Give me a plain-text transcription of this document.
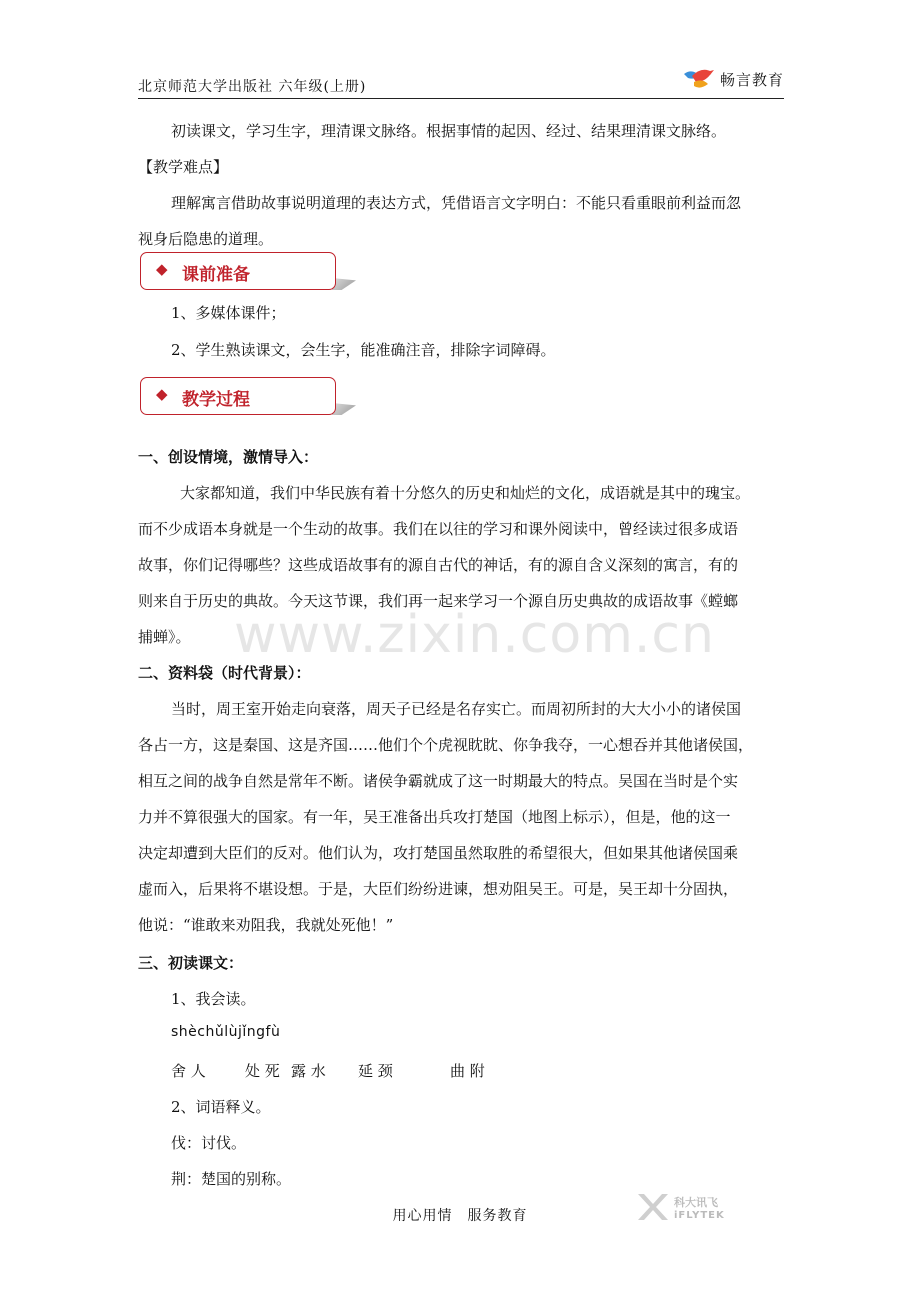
北京师范大学出版社 六年级(上册)	畅言教育
初读课文，学习生字，理清课文脉络。根据事情的起因、经过、结果理清课文脉络。
【教学难点】
理解寓言借助故事说明道理的表达方式，凭借语言文字明白：不能只看重眼前利益而忽
视身后隐患的道理。
◆ 课前准备
1、多媒体课件；
2、学生熟读课文，会生字，能准确注音，排除字词障碍。
◆ 教学过程
一、创设情境，激情导入：
大家都知道，我们中华民族有着十分悠久的历史和灿烂的文化，成语就是其中的瑰宝。
而不少成语本身就是一个生动的故事。我们在以往的学习和课外阅读中，曾经读过很多成语
故事，你们记得哪些？这些成语故事有的源自古代的神话，有的源自含义深刻的寓言，有的
则来自于历史的典故。今天这节课，我们再一起来学习一个源自历史典故的成语故事《螳螂
捕蝉》。 www.zixin.com.cn
二、资料袋（时代背景）：
当时，周王室开始走向衰落，周天子已经是名存实亡。而周初所封的大大小小的诸侯国
各占一方，这是秦国、这是齐国……他们个个虎视眈眈、你争我夺，一心想吞并其他诸侯国，
相互之间的战争自然是常年不断。诸侯争霸就成了这一时期最大的特点。吴国在当时是个实
力并不算很强大的国家。有一年，吴王准备出兵攻打楚国（地图上标示），但是，他的这一
决定却遭到大臣们的反对。他们认为，攻打楚国虽然取胜的希望很大，但如果其他诸侯国乘
虚而入，后果将不堪设想。于是，大臣们纷纷进谏，想劝阻吴王。可是，吴王却十分固执，
他说：“谁敢来劝阻我，我就处死他！”
三、初读课文：
1、我会读。
shèchǔlùjǐngfù
舍 人	处 死 露 水 延 颈	曲 附
2、词语释义。
伐：讨伐。
荆：楚国的别称。
用心用情　服务教育
科大讯飞
iFLYTEK
